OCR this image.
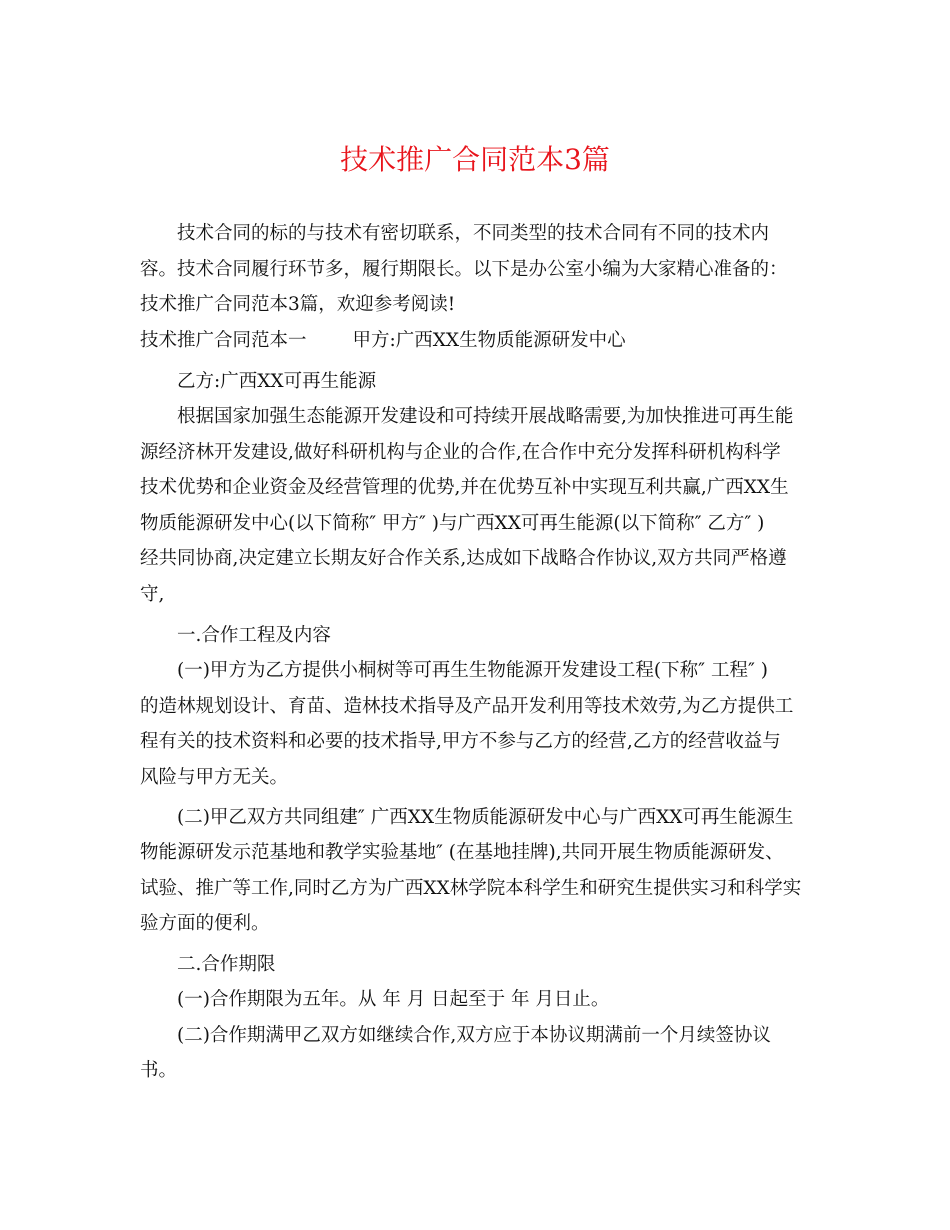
技术推广合同范本3篇

技术合同的标的与技术有密切联系，不同类型的技术合同有不同的技术内

容。技术合同履行环节多，履行期限长。以下是办公室小编为大家精心准备的：

技术推广合同范本3篇，欢迎参考阅读!

技术推广合同范本一 甲方:广西XX生物质能源研发中心

乙方:广西XX可再生能源

根据国家加强生态能源开发建设和可持续开展战略需要,为加快推进可再生能

源经济林开发建设,做好科研机构与企业的合作,在合作中充分发挥科研机构科学

技术优势和企业资金及经营管理的优势,并在优势互补中实现互利共赢,广西XX生

物质能源研发中心(以下简称″ 甲方″ )与广西XX可再生能源(以下简称″ 乙方″ )

经共同协商,决定建立长期友好合作关系,达成如下战略合作协议,双方共同严格遵

守,

一.合作工程及内容

(一)甲方为乙方提供小桐树等可再生生物能源开发建设工程(下称″ 工程″ )

的造林规划设计、育苗、造林技术指导及产品开发利用等技术效劳,为乙方提供工

程有关的技术资料和必要的技术指导,甲方不参与乙方的经营,乙方的经营收益与

风险与甲方无关。

(二)甲乙双方共同组建″ 广西XX生物质能源研发中心与广西XX可再生能源生

物能源研发示范基地和教学实验基地″ (在基地挂牌),共同开展生物质能源研发、

试验、推广等工作,同时乙方为广西XX林学院本科学生和研究生提供实习和科学实

验方面的便利。

二.合作期限

(一)合作期限为五年。从 年 月 日起至于 年 月日止。

(二)合作期满甲乙双方如继续合作,双方应于本协议期满前一个月续签协议

书。
